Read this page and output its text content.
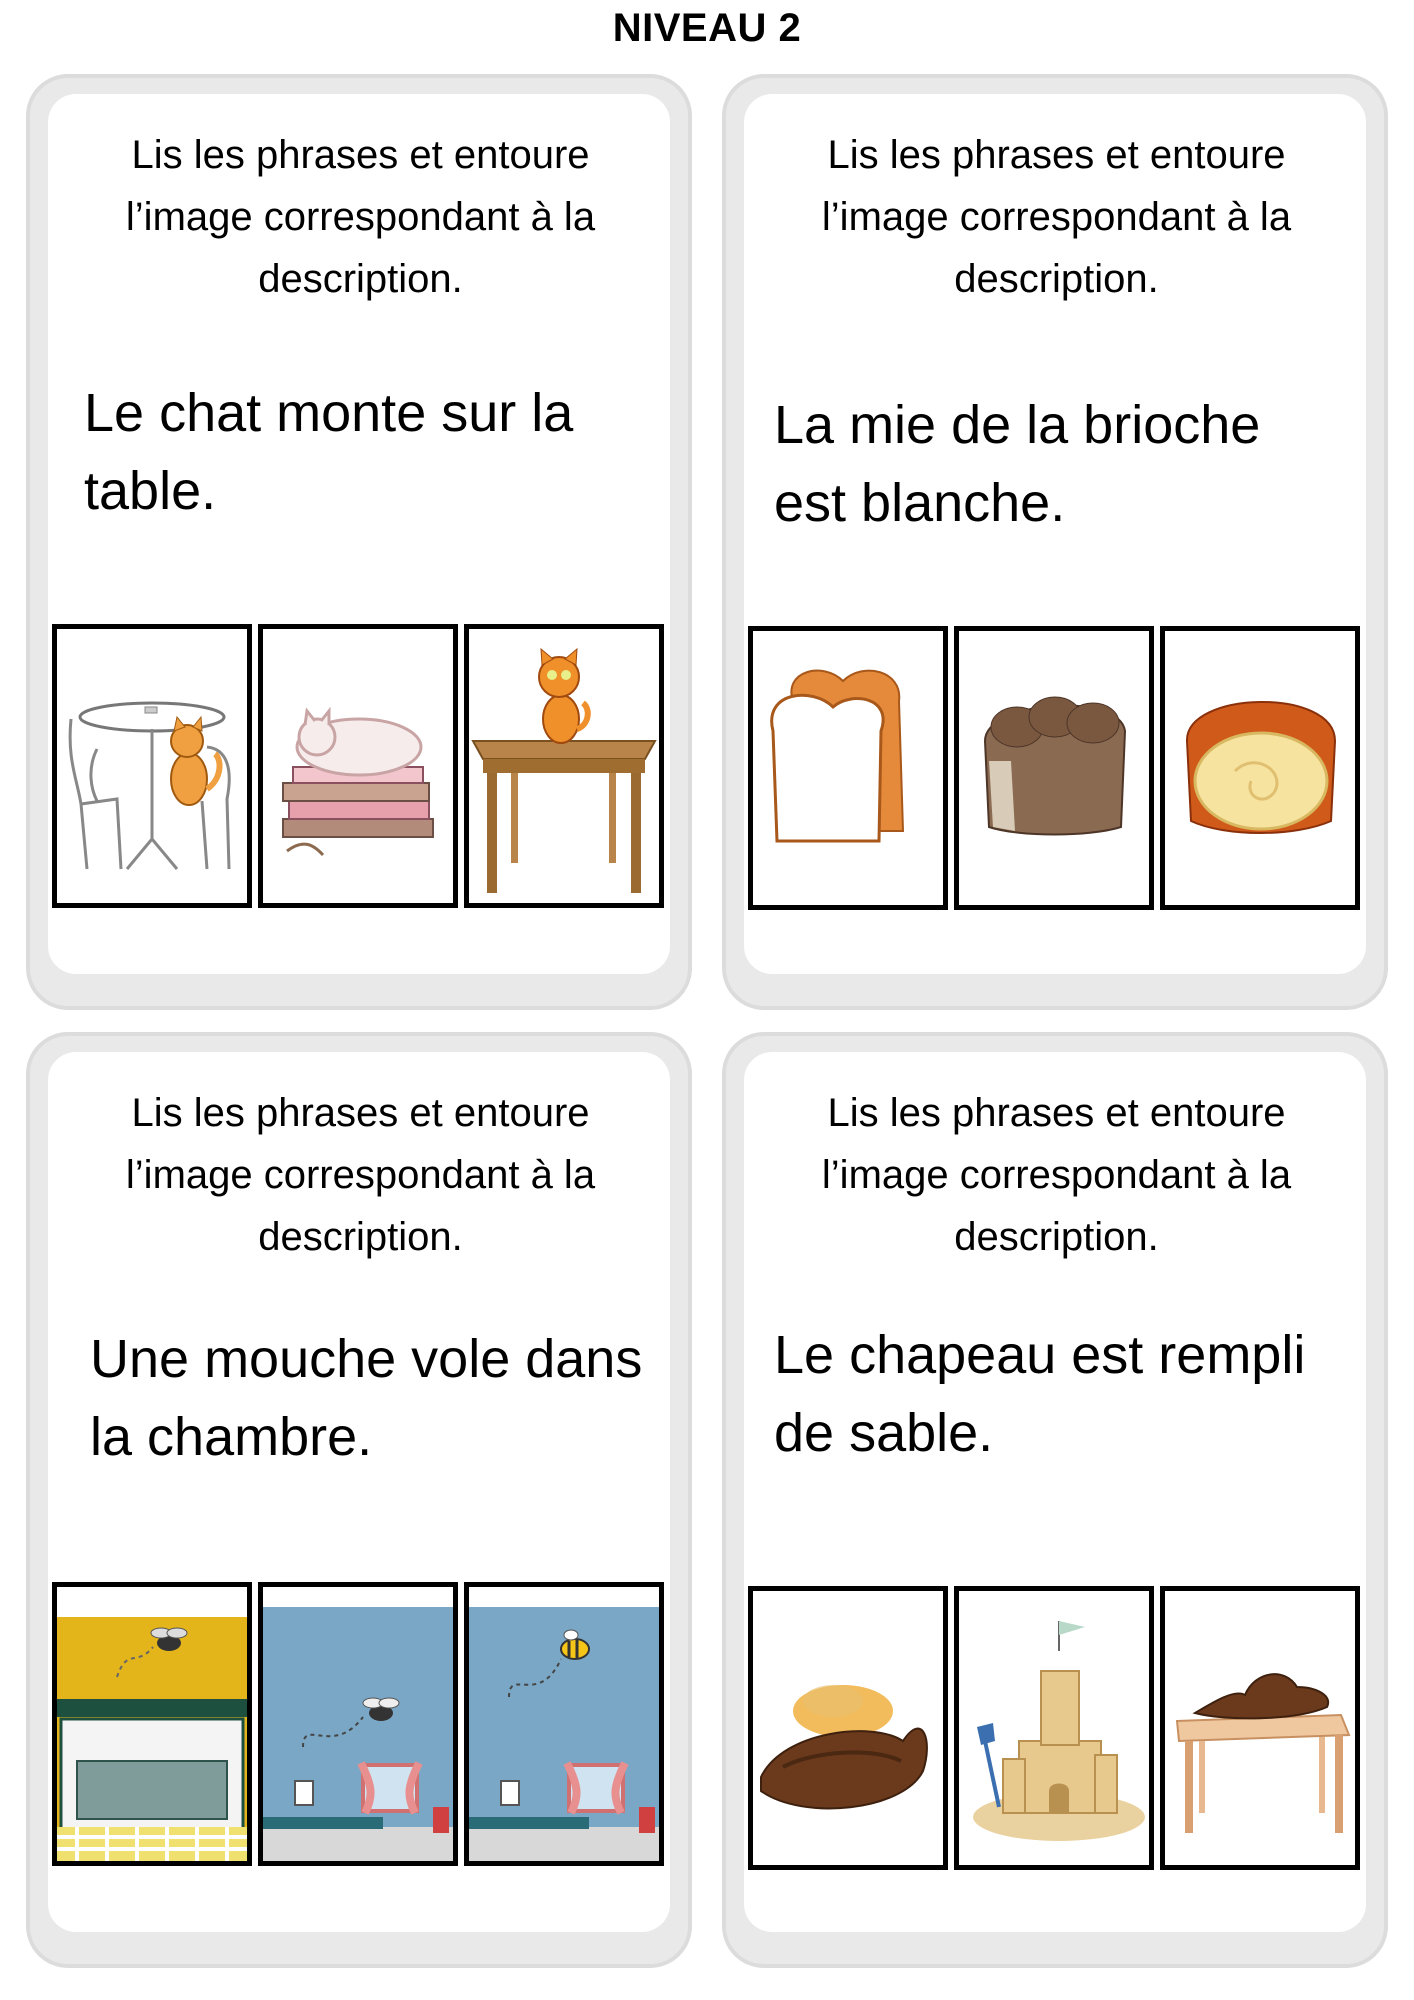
NIVEAU 2
Lis les phrases et entoure l’image correspondant à la description.
Le chat monte sur la table.
Lis les phrases et entoure l’image correspondant à la description.
La mie de la brioche est blanche.
Lis les phrases et entoure l’image correspondant à la description.
Une mouche vole dans la chambre.
Lis les phrases et entoure l’image correspondant à la description.
Le chapeau est rempli de sable.
